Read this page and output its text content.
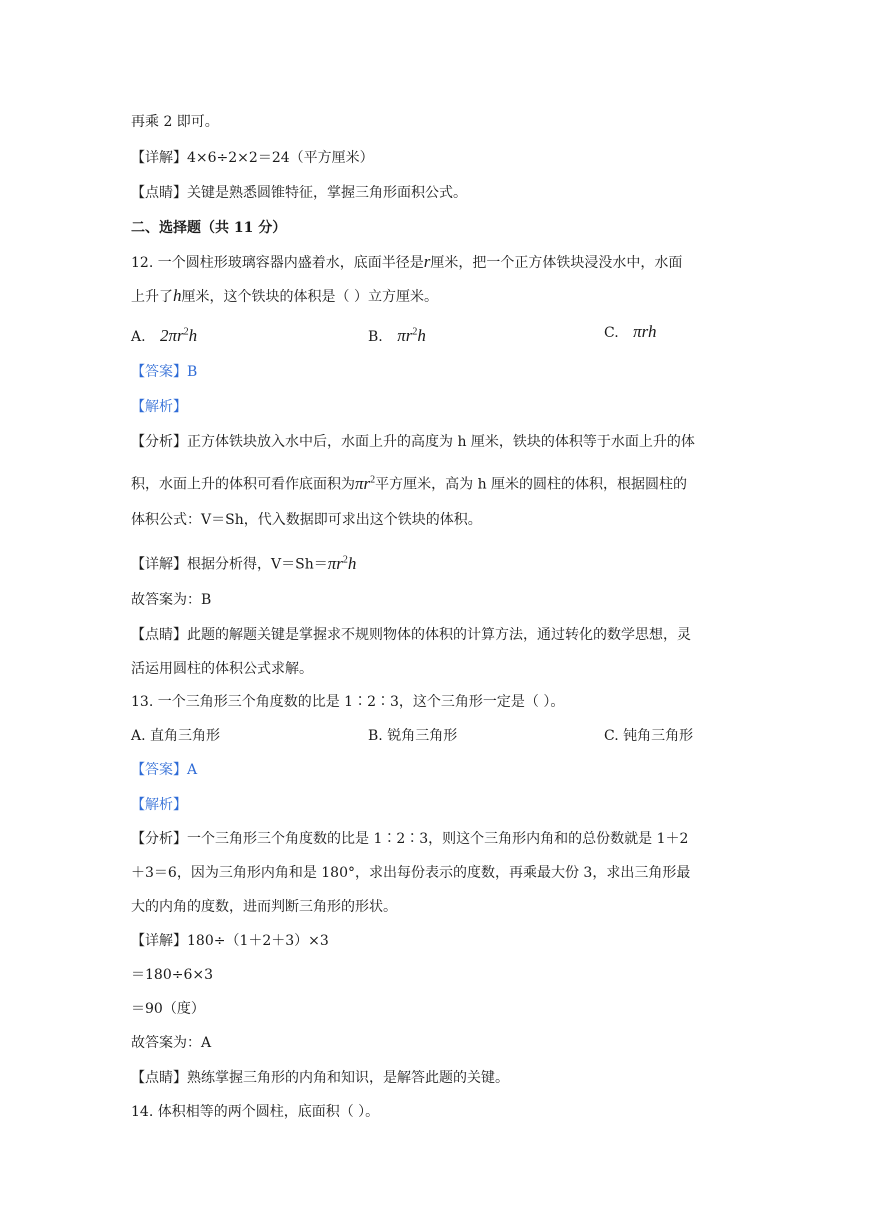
再乘 2 即可。
【详解】4×6÷2×2＝24（平方厘米）
【点睛】关键是熟悉圆锥特征，掌握三角形面积公式。
二、选择题（共 11 分）
12. 一个圆柱形玻璃容器内盛着水，底面半径是r厘米，把一个正方体铁块浸没水中，水面
上升了h厘米，这个铁块的体积是（ ）立方厘米。
A. $2\pi r^2h$	B. $\pi r^2h$	C. πrh
【答案】B
【解析】
【分析】正方体铁块放入水中后，水面上升的高度为 h 厘米，铁块的体积等于水面上升的体
积，水面上升的体积可看作底面积为$\pi r^2$平方厘米，高为 h 厘米的圆柱的体积，根据圆柱的
体积公式：V＝Sh，代入数据即可求出这个铁块的体积。
【详解】根据分析得，$V=Sh=\pi r^2h$
故答案为：B
【点睛】此题的解题关键是掌握求不规则物体的体积的计算方法，通过转化的数学思想，灵
活运用圆柱的体积公式求解。
13. 一个三角形三个角度数的比是 1∶2∶3，这个三角形一定是（ ）。
A. 直角三角形	B. 锐角三角形	C. 钝角三角形
【答案】A
【解析】
【分析】一个三角形三个角度数的比是 1∶2∶3，则这个三角形内角和的总份数就是 1＋2
＋3＝6，因为三角形内角和是 180°，求出每份表示的度数，再乘最大份 3，求出三角形最
大的内角的度数，进而判断三角形的形状。
【详解】180÷（1＋2＋3）×3
＝180÷6×3
＝90（度）
故答案为：A
【点睛】熟练掌握三角形的内角和知识，是解答此题的关键。
14. 体积相等的两个圆柱，底面积（ ）。
